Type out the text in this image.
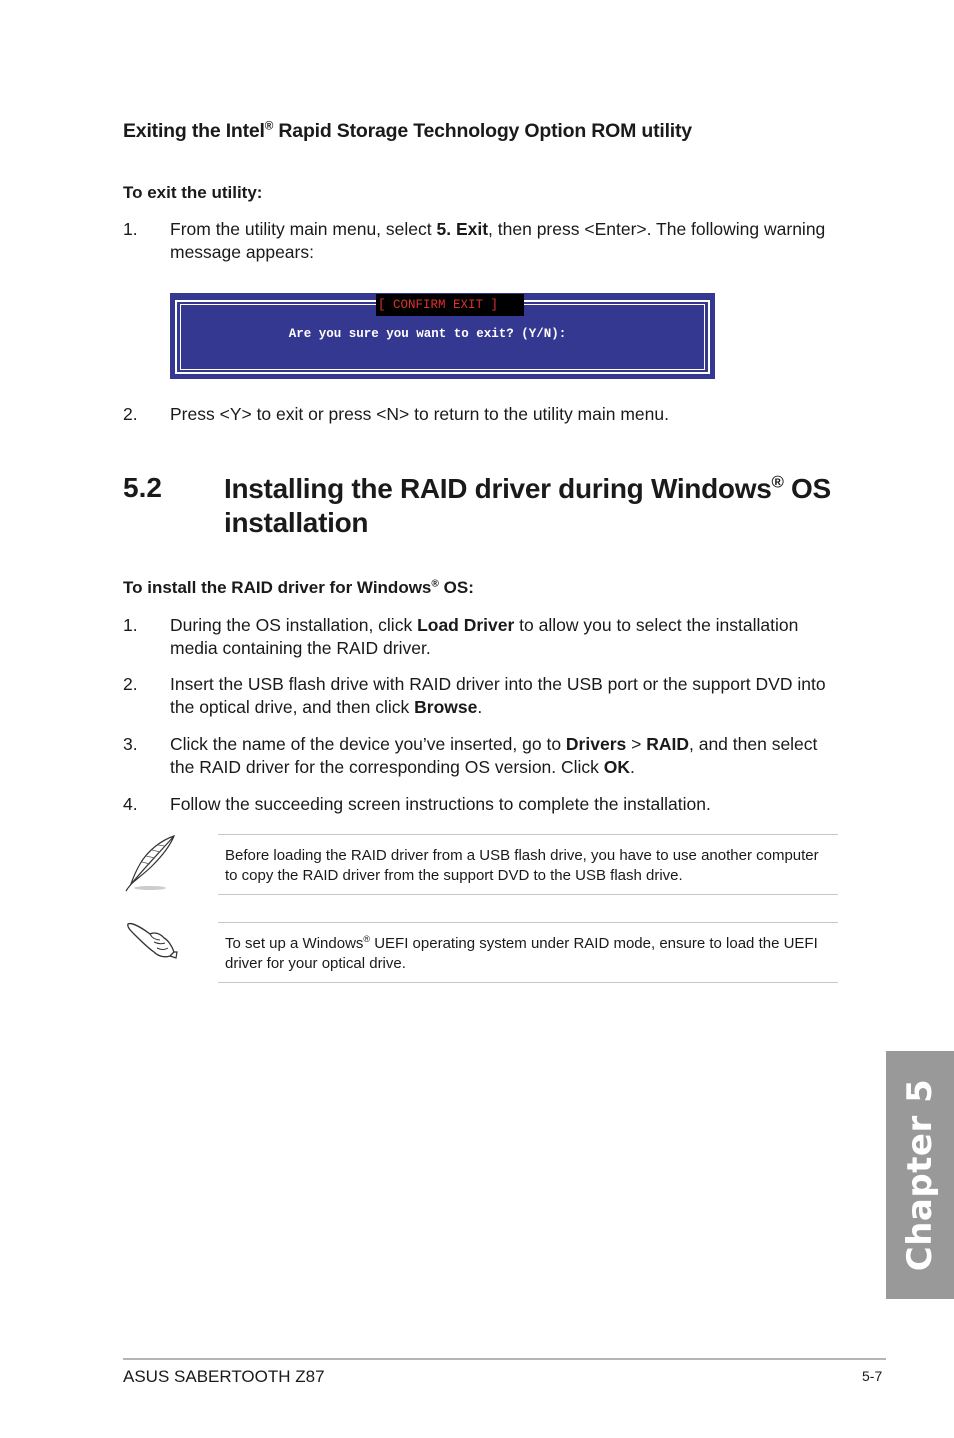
Exiting the Intel® Rapid Storage Technology Option ROM utility
To exit the utility:
1. From the utility main menu, select 5. Exit, then press <Enter>. The following warning message appears:
[ CONFIRM EXIT ]
Are you sure you want to exit? (Y/N):
2. Press <Y> to exit or press <N> to return to the utility main menu.
5.2 Installing the RAID driver during Windows® OS installation
To install the RAID driver for Windows® OS:
1. During the OS installation, click Load Driver to allow you to select the installation media containing the RAID driver.
2. Insert the USB flash drive with RAID driver into the USB port or the support DVD into the optical drive, and then click Browse.
3. Click the name of the device you’ve inserted, go to Drivers > RAID, and then select the RAID driver for the corresponding OS version. Click OK.
4. Follow the succeeding screen instructions to complete the installation.
Before loading the RAID driver from a USB flash drive, you have to use another computer to copy the RAID driver from the support DVD to the USB flash drive.
To set up a Windows® UEFI operating system under RAID mode, ensure to load the UEFI driver for your optical drive.
Chapter 5
ASUS SABERTOOTH Z87	5-7
